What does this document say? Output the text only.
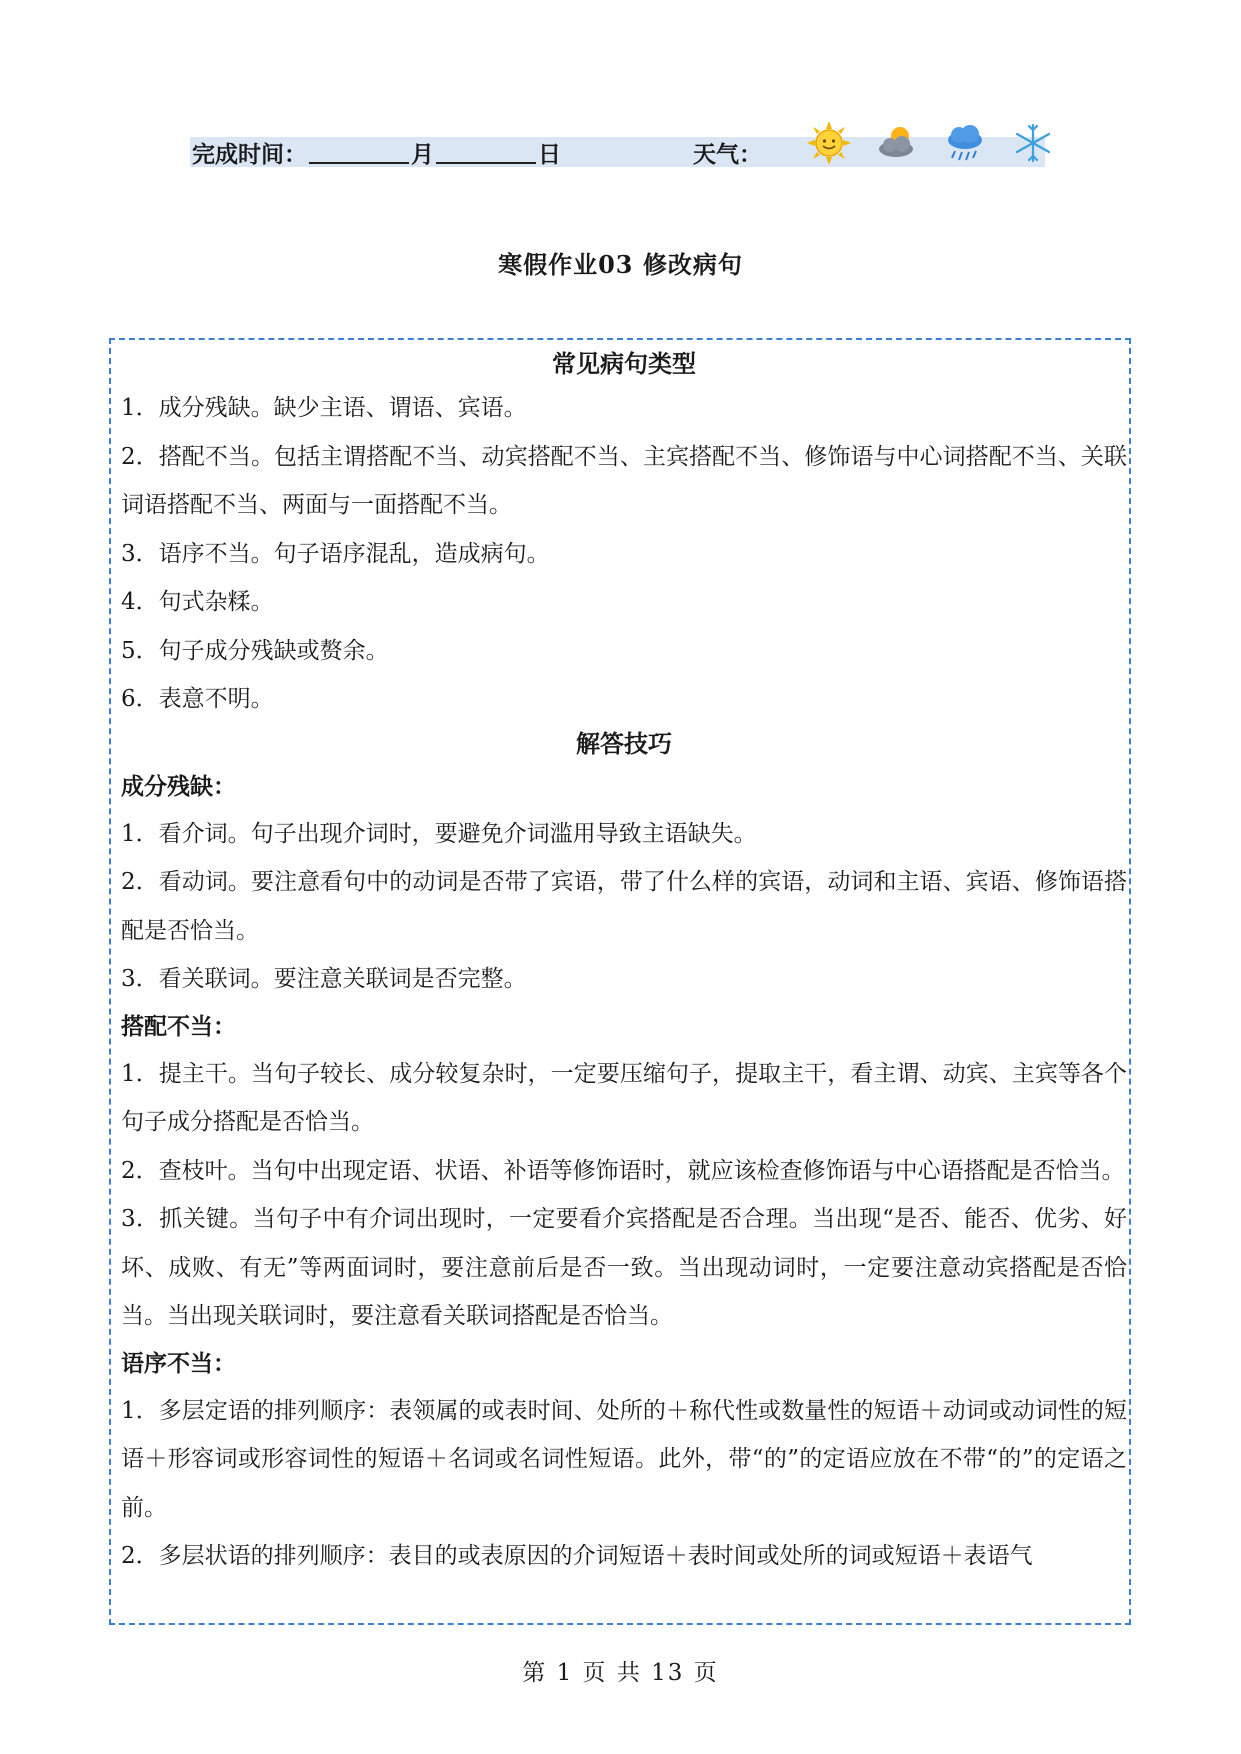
完成时间：	月	日	天气：
寒假作业03 修改病句
常见病句类型

1．成分残缺。缺少主语、谓语、宾语。

2．搭配不当。包括主谓搭配不当、动宾搭配不当、主宾搭配不当、修饰语与中心词搭配不当、关联词语搭配不当、两面与一面搭配不当。

3．语序不当。句子语序混乱，造成病句。

4．句式杂糅。

5．句子成分残缺或赘余。

6．表意不明。

解答技巧
成分残缺：

1．看介词。句子出现介词时，要避免介词滥用导致主语缺失。

2．看动词。要注意看句中的动词是否带了宾语，带了什么样的宾语，动词和主语、宾语、修饰语搭配是否恰当。

3．看关联词。要注意关联词是否完整。

搭配不当：

1．提主干。当句子较长、成分较复杂时，一定要压缩句子，提取主干，看主谓、动宾、主宾等各个句子成分搭配是否恰当。

2．查枝叶。当句中出现定语、状语、补语等修饰语时，就应该检查修饰语与中心语搭配是否恰当。

3．抓关键。当句子中有介词出现时，一定要看介宾搭配是否合理。当出现“是否、能否、优劣、好坏、成败、有无”等两面词时，要注意前后是否一致。当出现动词时，一定要注意动宾搭配是否恰当。当出现关联词时，要注意看关联词搭配是否恰当。

语序不当：

1．多层定语的排列顺序：表领属的或表时间、处所的＋称代性或数量性的短语＋动词或动词性的短语＋形容词或形容词性的短语＋名词或名词性短语。此外，带“的”的定语应放在不带“的”的定语之前。

2．多层状语的排列顺序：表目的或表原因的介词短语＋表时间或处所的词或短语＋表语气

第 1 页 共 13 页
